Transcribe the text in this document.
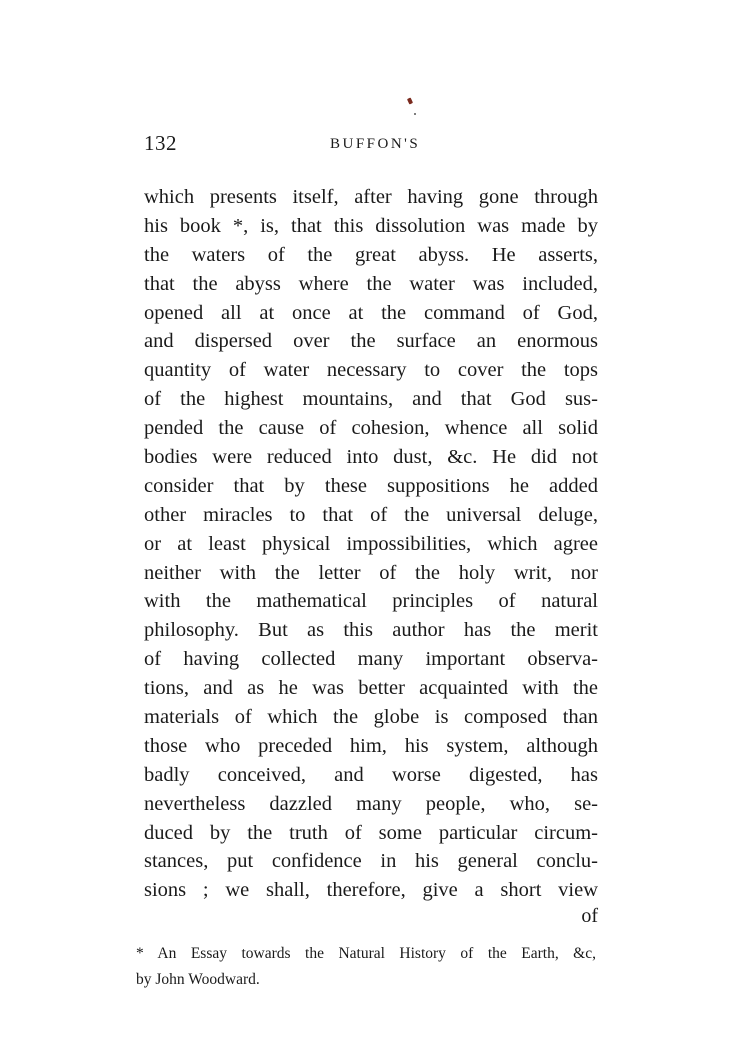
132	BUFFON'S
which presents itself, after having gone through
his book *, is, that this dissolution was made by
the waters of the great abyss. He asserts,
that the abyss where the water was included,
opened all at once at the command of God,
and dispersed over the surface an enormous
quantity of water necessary to cover the tops
of the highest mountains, and that God sus-
pended the cause of cohesion, whence all solid
bodies were reduced into dust, &c. He did not
consider that by these suppositions he added
other miracles to that of the universal deluge,
or at least physical impossibilities, which agree
neither with the letter of the holy writ, nor
with the mathematical principles of natural
philosophy. But as this author has the merit
of having collected many important observa-
tions, and as he was better acquainted with the
materials of which the globe is composed than
those who preceded him, his system, although
badly conceived, and worse digested, has
nevertheless dazzled many people, who, se-
duced by the truth of some particular circum-
stances, put confidence in his general conclu-
sions ; we shall, therefore, give a short view
of
* An Essay towards the Natural History of the Earth, &c,
by John Woodward.
